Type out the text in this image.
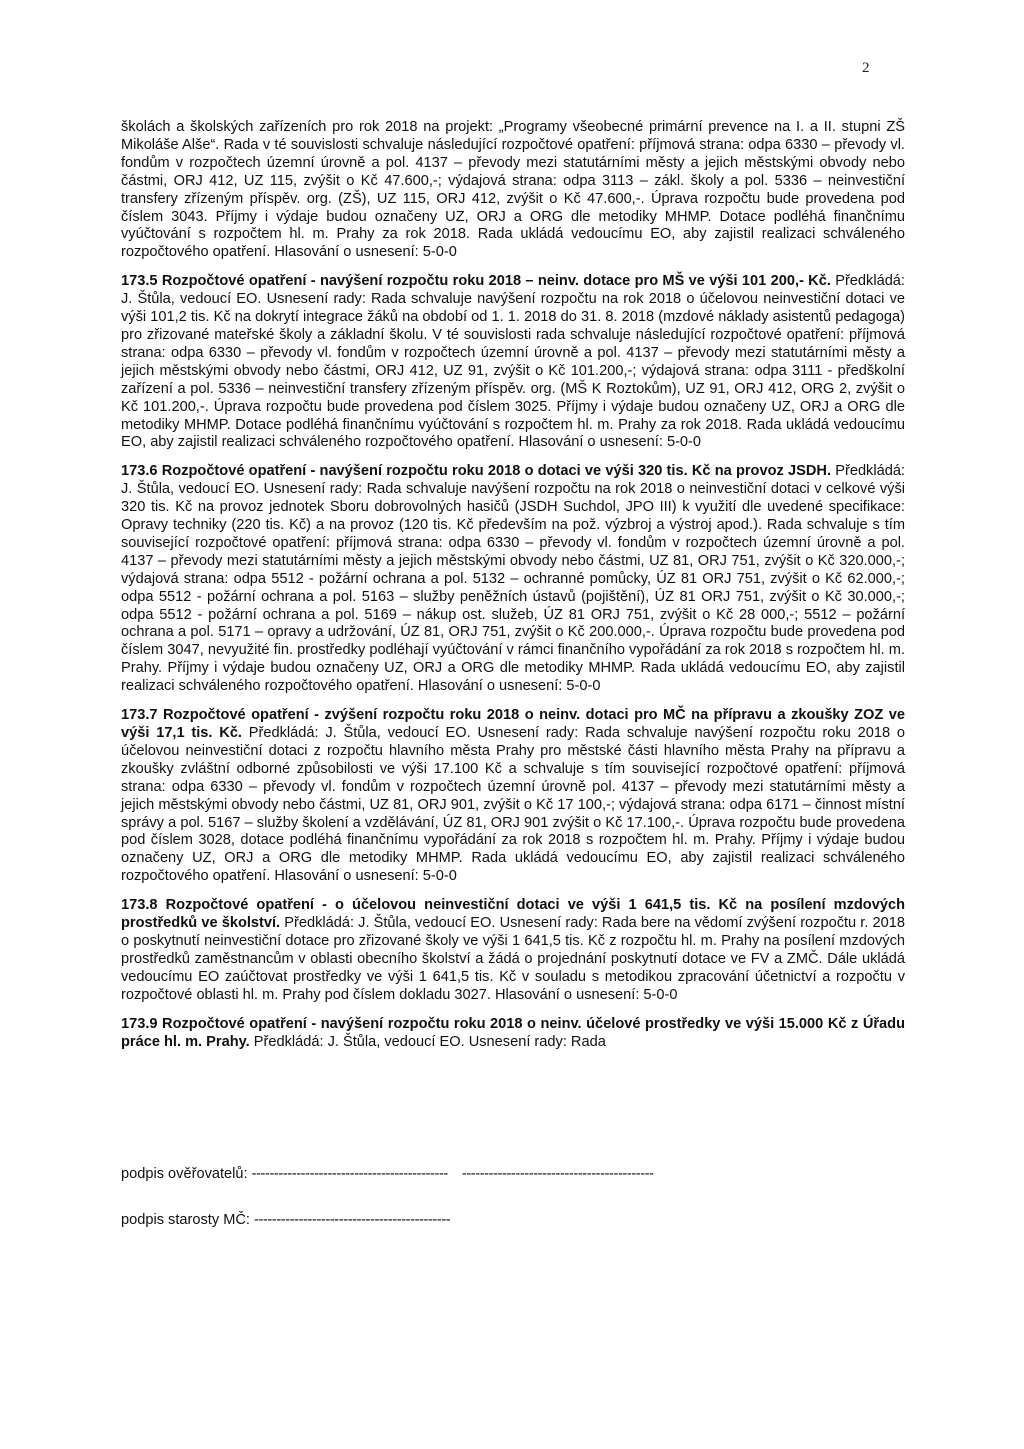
2

školách a školských zařízeních pro rok 2018 na projekt: „Programy všeobecné primární prevence na I. a II. stupni ZŠ Mikoláše Alše“. Rada v té souvislosti schvaluje následující rozpočtové opatření: příjmová strana: odpa 6330 – převody vl. fondům v rozpočtech územní úrovně a pol. 4137 – převody mezi statutárními městy a jejich městskými obvody nebo částmi, ORJ 412, UZ 115, zvýšit o Kč 47.600,-; výdajová strana: odpa 3113 – zákl. školy a pol. 5336 – neinvestiční transfery zřízeným příspěv. org. (ZŠ), UZ 115, ORJ 412, zvýšit o Kč 47.600,-. Úprava rozpočtu bude provedena pod číslem 3043. Příjmy i výdaje budou označeny UZ, ORJ a ORG dle metodiky MHMP. Dotace podléhá finančnímu vyúčtování s rozpočtem hl. m. Prahy za rok 2018. Rada ukládá vedoucímu EO, aby zajistil realizaci schváleného rozpočtového opatření. Hlasování o usnesení: 5-0-0

173.5 Rozpočtové opatření - navýšení rozpočtu roku 2018 – neinv. dotace pro MŠ ve výši 101 200,- Kč. Předkládá: J. Štůla, vedoucí EO. Usnesení rady: Rada schvaluje navýšení rozpočtu na rok 2018 o účelovou neinvestiční dotaci ve výši 101,2 tis. Kč na dokrytí integrace žáků na období od 1. 1. 2018 do 31. 8. 2018 (mzdové náklady asistentů pedagoga) pro zřizované mateřské školy a základní školu. V té souvislosti rada schvaluje následující rozpočtové opatření: příjmová strana: odpa 6330 – převody vl. fondům v rozpočtech územní úrovně a pol. 4137 – převody mezi statutárními městy a jejich městskými obvody nebo částmi, ORJ 412, UZ 91, zvýšit o Kč 101.200,-; výdajová strana: odpa 3111 - předškolní zařízení a pol. 5336 – neinvestiční transfery zřízeným příspěv. org. (MŠ K Roztokům), UZ 91, ORJ 412, ORG 2, zvýšit o Kč 101.200,-. Úprava rozpočtu bude provedena pod číslem 3025. Příjmy i výdaje budou označeny UZ, ORJ a ORG dle metodiky MHMP. Dotace podléhá finančnímu vyúčtování s rozpočtem hl. m. Prahy za rok 2018. Rada ukládá vedoucímu EO, aby zajistil realizaci schváleného rozpočtového opatření. Hlasování o usnesení: 5-0-0

173.6 Rozpočtové opatření - navýšení rozpočtu roku 2018 o dotaci ve výši 320 tis. Kč na provoz JSDH. Předkládá: J. Štůla, vedoucí EO. Usnesení rady: Rada schvaluje navýšení rozpočtu na rok 2018 o neinvestiční dotaci v celkové výši 320 tis. Kč na provoz jednotek Sboru dobrovolných hasičů (JSDH Suchdol, JPO III) k využití dle uvedené specifikace: Opravy techniky (220 tis. Kč) a na provoz (120 tis. Kč především na pož. výzbroj a výstroj apod.). Rada schvaluje s tím související rozpočtové opatření: příjmová strana: odpa 6330 – převody vl. fondům v rozpočtech územní úrovně a pol. 4137 – převody mezi statutárními městy a jejich městskými obvody nebo částmi, UZ 81, ORJ 751, zvýšit o Kč 320.000,-; výdajová strana: odpa 5512 - požární ochrana a pol. 5132 – ochranné pomůcky, ÚZ 81 ORJ 751, zvýšit o Kč 62.000,-; odpa 5512 - požární ochrana a pol. 5163 – služby peněžních ústavů (pojištění), ÚZ 81 ORJ 751, zvýšit o Kč 30.000,-; odpa 5512 - požární ochrana a pol. 5169 – nákup ost. služeb, ÚZ 81 ORJ 751, zvýšit o Kč 28 000,-; 5512 – požární ochrana a pol. 5171 – opravy a udržování, ÚZ 81, ORJ 751, zvýšit o Kč 200.000,-. Úprava rozpočtu bude provedena pod číslem 3047, nevyužité fin. prostředky podléhají vyúčtování v rámci finančního vypořádání za rok 2018 s rozpočtem hl. m. Prahy. Příjmy i výdaje budou označeny UZ, ORJ a ORG dle metodiky MHMP. Rada ukládá vedoucímu EO, aby zajistil realizaci schváleného rozpočtového opatření. Hlasování o usnesení: 5-0-0

173.7 Rozpočtové opatření - zvýšení rozpočtu roku 2018 o neinv. dotaci pro MČ na přípravu a zkoušky ZOZ ve výši 17,1 tis. Kč. Předkládá: J. Štůla, vedoucí EO. Usnesení rady: Rada schvaluje navýšení rozpočtu roku 2018 o účelovou neinvestiční dotaci z rozpočtu hlavního města Prahy pro městské části hlavního města Prahy na přípravu a zkoušky zvláštní odborné způsobilosti ve výši 17.100 Kč a schvaluje s tím související rozpočtové opatření: příjmová strana: odpa 6330 – převody vl. fondům v rozpočtech územní úrovně pol. 4137 – převody mezi statutárními městy a jejich městskými obvody nebo částmi, UZ 81, ORJ 901, zvýšit o Kč 17 100,-; výdajová strana: odpa 6171 – činnost místní správy a pol. 5167 – služby školení a vzdělávání, ÚZ 81, ORJ 901 zvýšit o Kč 17.100,-. Úprava rozpočtu bude provedena pod číslem 3028, dotace podléhá finančnímu vypořádání za rok 2018 s rozpočtem hl. m. Prahy. Příjmy i výdaje budou označeny UZ, ORJ a ORG dle metodiky MHMP. Rada ukládá vedoucímu EO, aby zajistil realizaci schváleného rozpočtového opatření. Hlasování o usnesení: 5-0-0

173.8 Rozpočtové opatření - o účelovou neinvestiční dotaci ve výši 1 641,5 tis. Kč na posílení mzdových prostředků ve školství. Předkládá: J. Štůla, vedoucí EO. Usnesení rady: Rada bere na vědomí zvýšení rozpočtu r. 2018 o poskytnutí neinvestiční dotace pro zřizované školy ve výši 1 641,5 tis. Kč z rozpočtu hl. m. Prahy na posílení mzdových prostředků zaměstnancům v oblasti obecního školství a žádá o projednání poskytnutí dotace ve FV a ZMČ. Dále ukládá vedoucímu EO zaúčtovat prostředky ve výši 1 641,5 tis. Kč v souladu s metodikou zpracování účetnictví a rozpočtu v rozpočtové oblasti hl. m. Prahy pod číslem dokladu 3027. Hlasování o usnesení: 5-0-0

173.9 Rozpočtové opatření - navýšení rozpočtu roku 2018 o neinv. účelové prostředky ve výši 15.000 Kč z Úřadu práce hl. m. Prahy. Předkládá: J. Štůla, vedoucí EO. Usnesení rady: Rada

podpis ověřovatelů: -------------------------------------------- -------------------------------------------
podpis starosty MČ: --------------------------------------------
